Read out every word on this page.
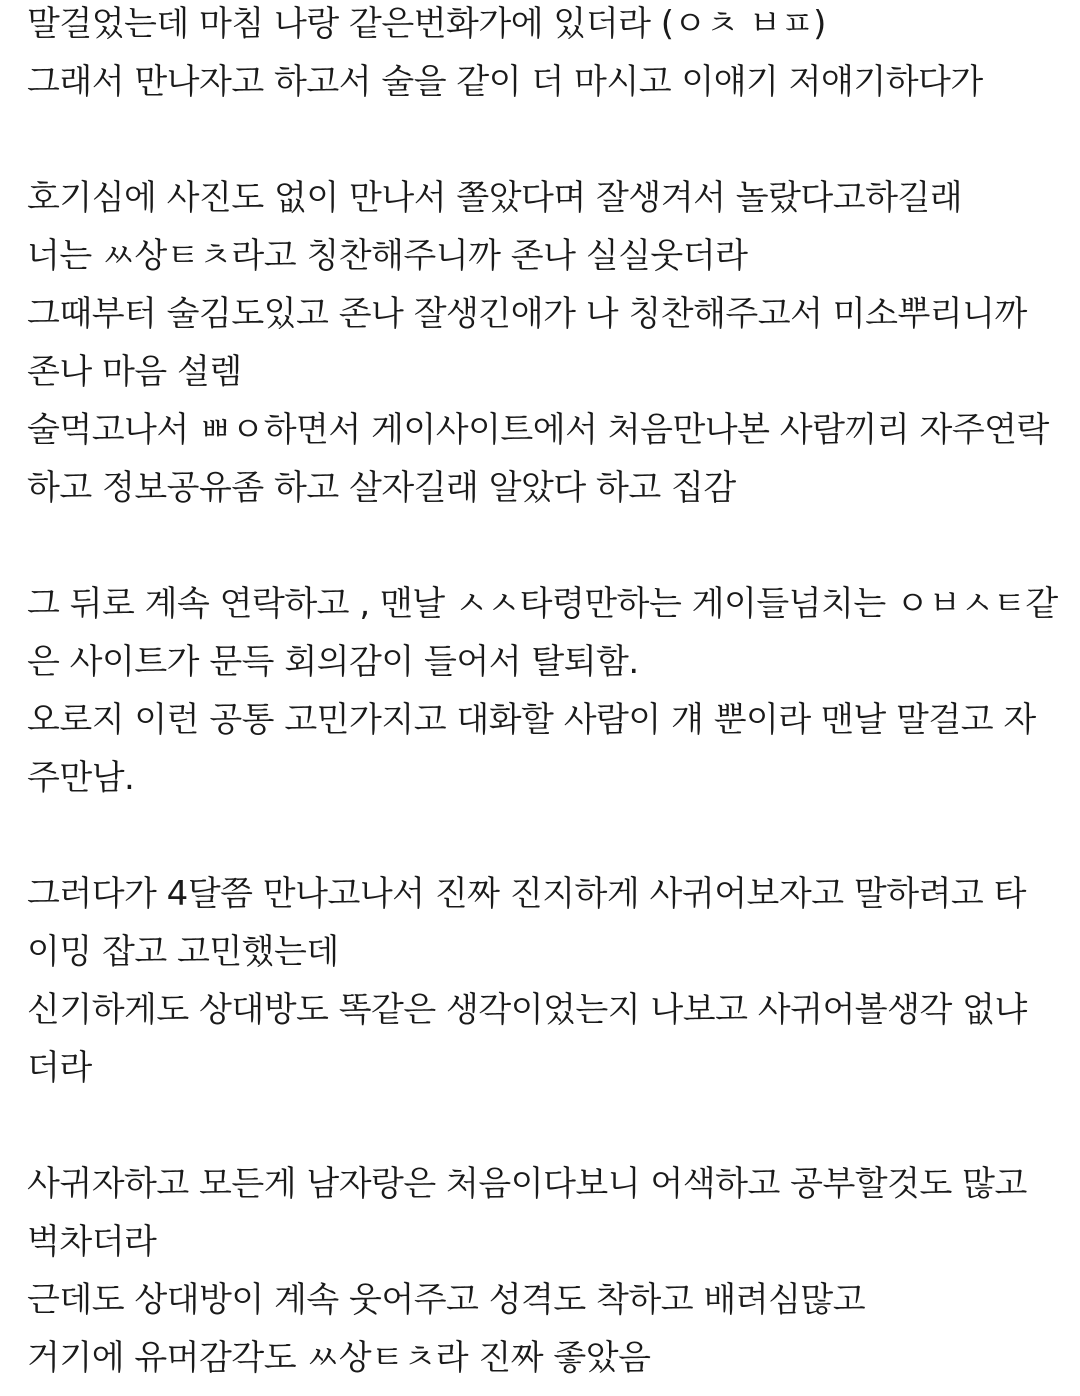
말걸었는데 마침 나랑 같은번화가에 있더라 (ㅇㅊ ㅂㅍ)
그래서 만나자고 하고서 술을 같이 더 마시고 이얘기 저얘기하다가
호기심에 사진도 없이 만나서 쫄았다며 잘생겨서 놀랐다고하길래
너는 ㅆ상ㅌㅊ라고 칭찬해주니까 존나 실실웃더라
그때부터 술김도있고 존나 잘생긴애가 나 칭찬해주고서 미소뿌리니까
존나 마음 설렘
술먹고나서 ㅃㅇ하면서 게이사이트에서 처음만나본 사람끼리 자주연락
하고 정보공유좀 하고 살자길래 알았다 하고 집감
그 뒤로 계속 연락하고 , 맨날 ㅅㅅ타령만하는 게이들넘치는 ㅇㅂㅅㅌ같
은 사이트가 문득 회의감이 들어서 탈퇴함.
오로지 이런 공통 고민가지고 대화할 사람이 걔 뿐이라 맨날 말걸고 자
주만남.
그러다가 4달쯤 만나고나서 진짜 진지하게 사귀어보자고 말하려고 타
이밍 잡고 고민했는데
신기하게도 상대방도 똑같은 생각이었는지 나보고 사귀어볼생각 없냐
더라
사귀자하고 모든게 남자랑은 처음이다보니 어색하고 공부할것도 많고
벅차더라
근데도 상대방이 계속 웃어주고 성격도 착하고 배려심많고
거기에 유머감각도 ㅆ상ㅌㅊ라 진짜 좋았음
